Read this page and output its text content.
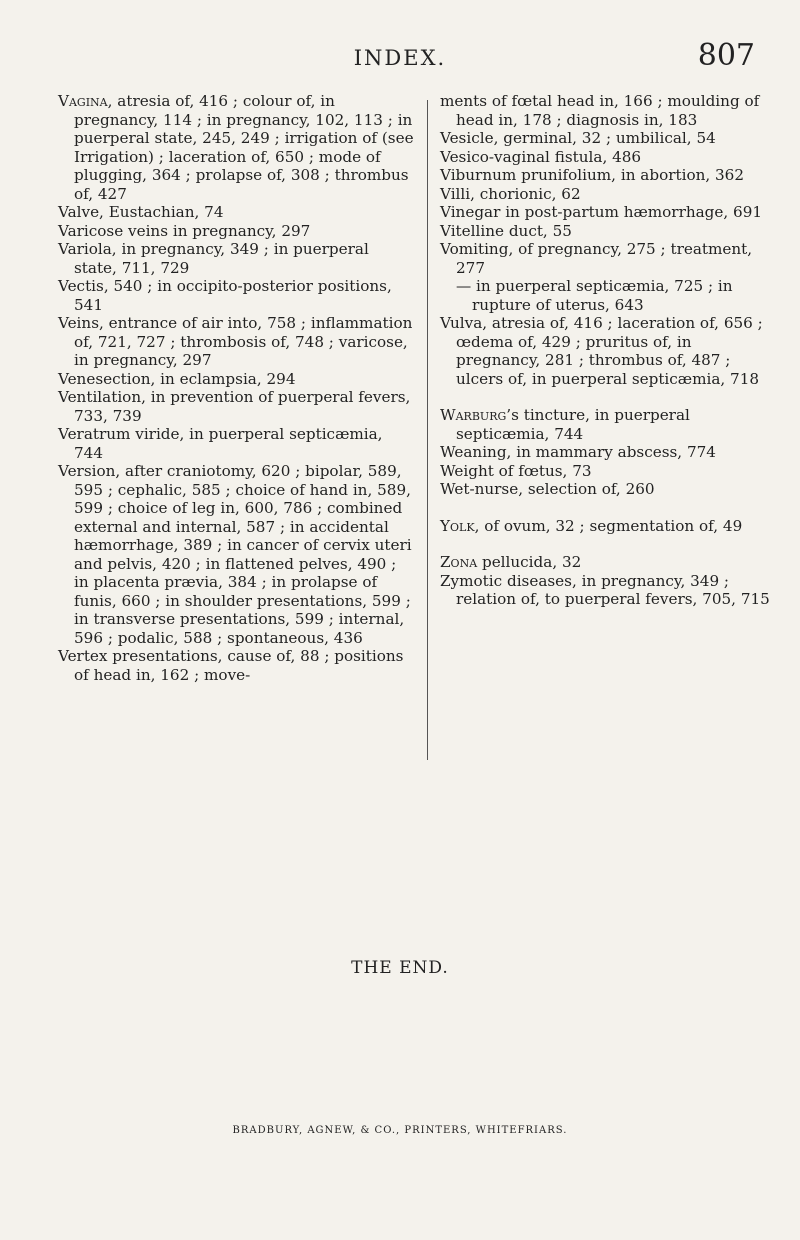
INDEX.	807

Vagina, atresia of, 416 ; colour of, in pregnancy, 114 ; in pregnancy, 102, 113 ; in puerperal state, 245, 249 ; irrigation of (see Irrigation) ; laceration of, 650 ; mode of plugging, 364 ; prolapse of, 308 ; thrombus of, 427

Valve, Eustachian, 74

Varicose veins in pregnancy, 297

Variola, in pregnancy, 349 ; in puerperal state, 711, 729

Vectis, 540 ; in occipito-posterior positions, 541

Veins, entrance of air into, 758 ; inflammation of, 721, 727 ; thrombosis of, 748 ; varicose, in pregnancy, 297

Venesection, in eclampsia, 294

Ventilation, in prevention of puerperal fevers, 733, 739

Veratrum viride, in puerperal septicæmia, 744

Version, after craniotomy, 620 ; bipolar, 589, 595 ; cephalic, 585 ; choice of hand in, 589, 599 ; choice of leg in, 600, 786 ; combined external and internal, 587 ; in accidental hæmorrhage, 389 ; in cancer of cervix uteri and pelvis, 420 ; in flattened pelves, 490 ; in placenta prævia, 384 ; in prolapse of funis, 660 ; in shoulder presentations, 599 ; in transverse presentations, 599 ; internal, 596 ; podalic, 588 ; spontaneous, 436

Vertex presentations, cause of, 88 ; positions of head in, 162 ; move-

ments of fœtal head in, 166 ; moulding of head in, 178 ; diagnosis in, 183

Vesicle, germinal, 32 ; umbilical, 54

Vesico-vaginal fistula, 486

Viburnum prunifolium, in abortion, 362

Villi, chorionic, 62

Vinegar in post-partum hæmorrhage, 691

Vitelline duct, 55

Vomiting, of pregnancy, 275 ; treatment, 277

— in puerperal septicæmia, 725 ; in rupture of uterus, 643

Vulva, atresia of, 416 ; laceration of, 656 ; œdema of, 429 ; pruritus of, in pregnancy, 281 ; thrombus of, 487 ; ulcers of, in puerperal septicæmia, 718

Warburg’s tincture, in puerperal septicæmia, 744

Weaning, in mammary abscess, 774

Weight of fœtus, 73

Wet-nurse, selection of, 260

Yolk, of ovum, 32 ; segmentation of, 49

Zona pellucida, 32

Zymotic diseases, in pregnancy, 349 ; relation of, to puerperal fevers, 705, 715

THE END.
BRADBURY, AGNEW, & CO., PRINTERS, WHITEFRIARS.
